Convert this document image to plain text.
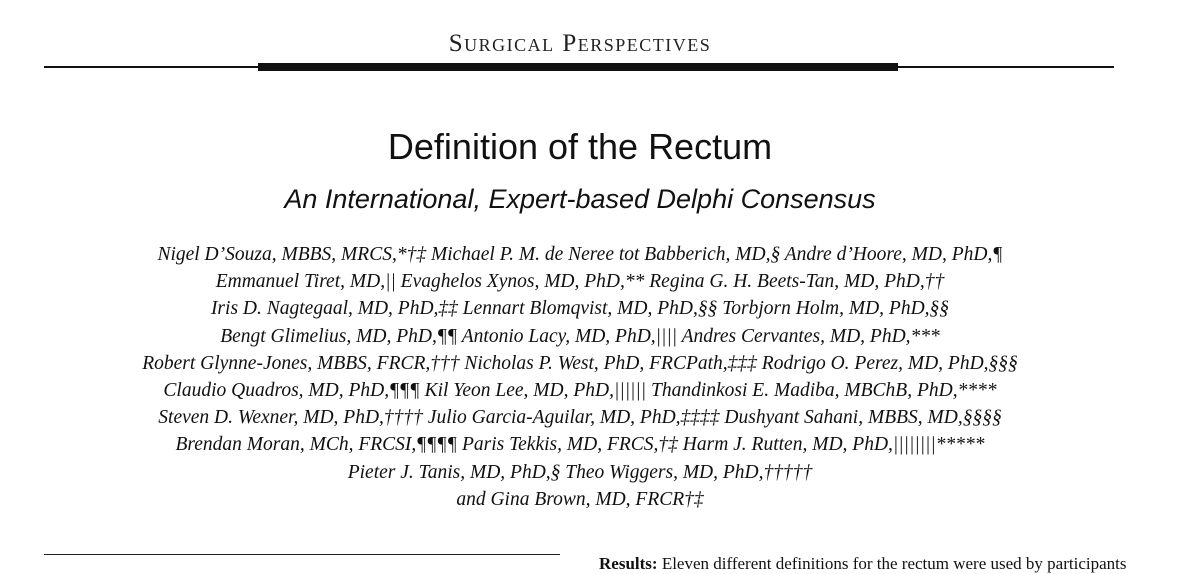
Surgical Perspectives
Definition of the Rectum
An International, Expert-based Delphi Consensus
Nigel D’Souza, MBBS, MRCS,*†‡ Michael P. M. de Neree tot Babberich, MD,§ Andre d’Hoore, MD, PhD,¶
Emmanuel Tiret, MD,|| Evaghelos Xynos, MD, PhD,** Regina G. H. Beets-Tan, MD, PhD,††
Iris D. Nagtegaal, MD, PhD,‡‡ Lennart Blomqvist, MD, PhD,§§ Torbjorn Holm, MD, PhD,§§
Bengt Glimelius, MD, PhD,¶¶ Antonio Lacy, MD, PhD,|||| Andres Cervantes, MD, PhD,***
Robert Glynne-Jones, MBBS, FRCR,††† Nicholas P. West, PhD, FRCPath,‡‡‡ Rodrigo O. Perez, MD, PhD,§§§
Claudio Quadros, MD, PhD,¶¶¶ Kil Yeon Lee, MD, PhD,|||||| Thandinkosi E. Madiba, MBChB, PhD,****
Steven D. Wexner, MD, PhD,†††† Julio Garcia-Aguilar, MD, PhD,‡‡‡‡ Dushyant Sahani, MBBS, MD,§§§§
Brendan Moran, MCh, FRCSI,¶¶¶¶ Paris Tekkis, MD, FRCS,†‡ Harm J. Rutten, MD, PhD,||||||||*****
Pieter J. Tanis, MD, PhD,§ Theo Wiggers, MD, PhD,†††††
and Gina Brown, MD, FRCR†‡
Results: Eleven different definitions for the rectum were used by participants
